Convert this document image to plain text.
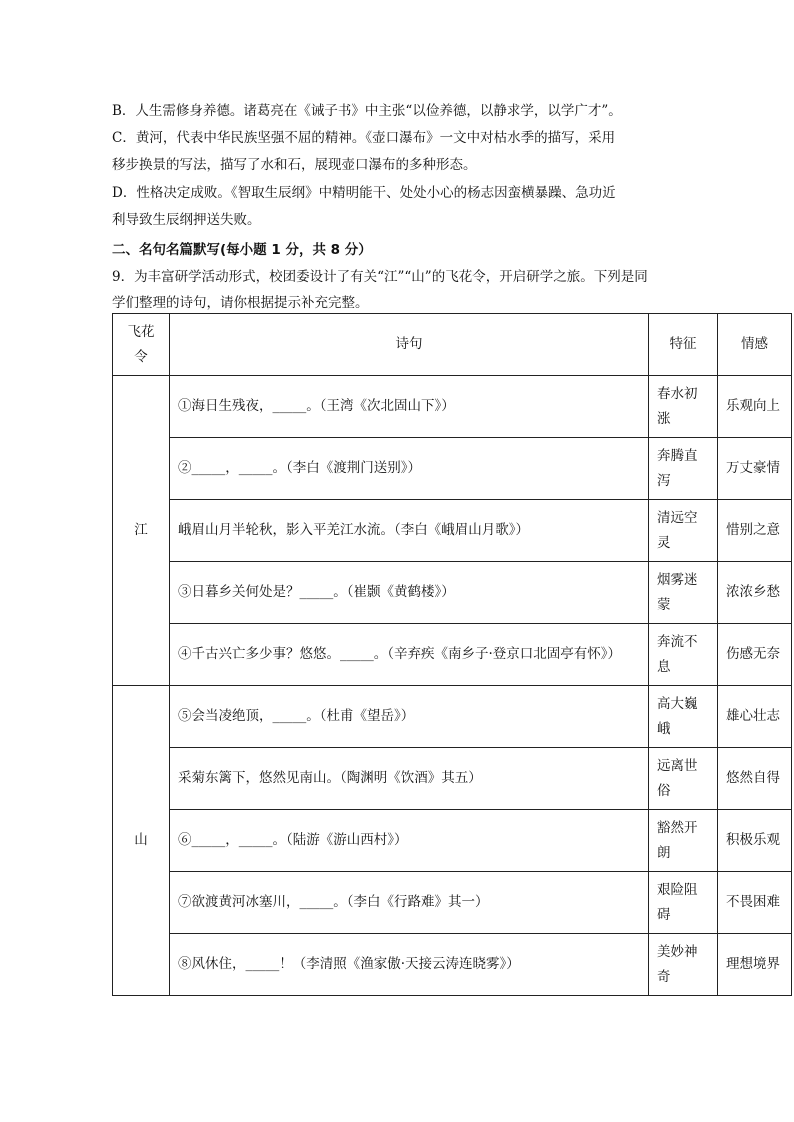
B．人生需修身养德。诸葛亮在《诫子书》中主张“以俭养德，以静求学，以学广才”。
C．黄河，代表中华民族坚强不屈的精神。《壶口瀑布》一文中对枯水季的描写，采用
移步换景的写法，描写了水和石，展现壶口瀑布的多种形态。
D．性格决定成败。《智取生辰纲》中精明能干、处处小心的杨志因蛮横暴躁、急功近
利导致生辰纲押送失败。
二、名句名篇默写(每小题 1 分，共 8 分）
9．为丰富研学活动形式，校团委设计了有关“江”“山”的飞花令，开启研学之旅。下列是同
学们整理的诗句，请你根据提示补充完整。
飞花令	诗句	特征	情感
江	①海日生残夜，_____。（王湾《次北固山下》）	春水初涨	乐观向上
	②_____，_____。（李白《渡荆门送别》）	奔腾直泻	万丈豪情
	峨眉山月半轮秋，影入平羌江水流。（李白《峨眉山月歌》）	清远空灵	惜别之意
	③日暮乡关何处是？_____。（崔颢《黄鹤楼》）	烟雾迷蒙	浓浓乡愁
	④千古兴亡多少事？悠悠。_____。（辛弃疾《南乡子·登京口北固亭有怀》）	奔流不息	伤感无奈
山	⑤会当凌绝顶，_____。（杜甫《望岳》）	高大巍峨	雄心壮志
	采菊东篱下，悠然见南山。（陶渊明《饮酒》其五）	远离世俗	悠然自得
	⑥_____，_____。（陆游《游山西村》）	豁然开朗	积极乐观
	⑦欲渡黄河冰塞川，_____。（李白《行路难》其一）	艰险阻碍	不畏困难
	⑧风休住，_____！（李清照《渔家傲·天接云涛连晓雾》）	美妙神奇	理想境界
